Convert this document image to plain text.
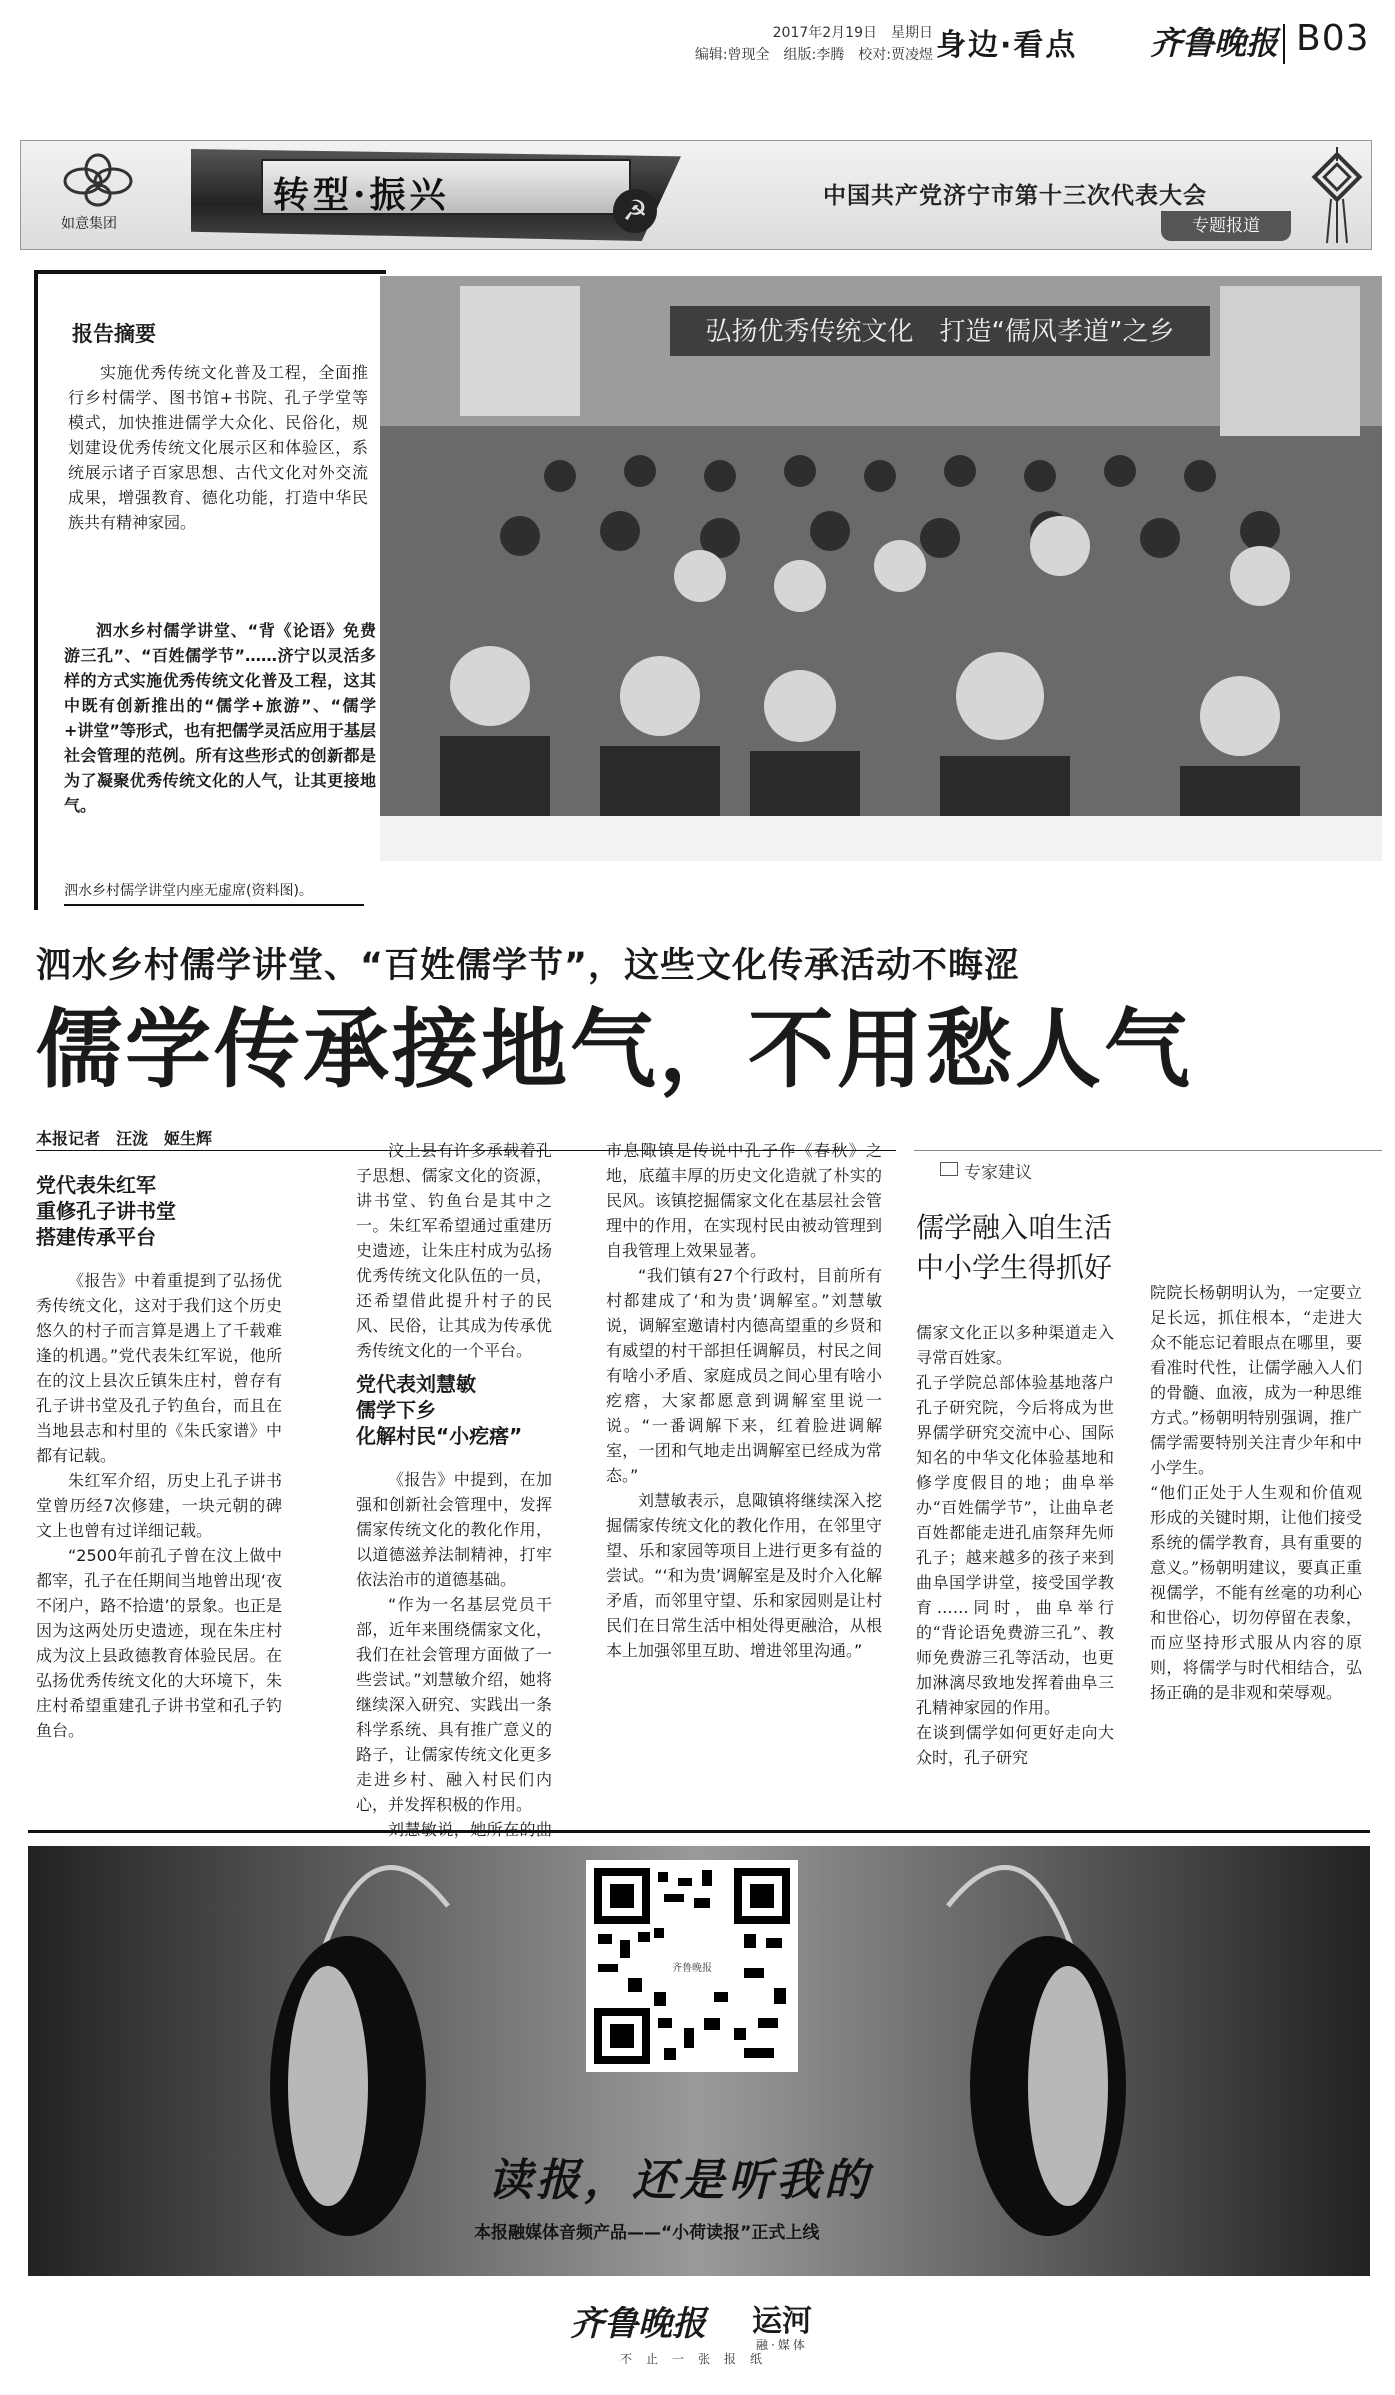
2017年2月19日　星期日
编辑:曾现全　组版:李腾　校对:贾凌煜 身边·看点 齐鲁晚报 B03
如意集团
转型·振兴	☭	中国共产党济宁市第十三次代表大会
专题报道
报告摘要
实施优秀传统文化普及工程，全面推行乡村儒学、图书馆+书院、孔子学堂等模式，加快推进儒学大众化、民俗化，规划建设优秀传统文化展示区和体验区，系统展示诸子百家思想、古代文化对外交流成果，增强教育、德化功能，打造中华民族共有精神家园。
泗水乡村儒学讲堂、“背《论语》免费游三孔”、“百姓儒学节”……济宁以灵活多样的方式实施优秀传统文化普及工程，这其中既有创新推出的“儒学+旅游”、“儒学+讲堂”等形式，也有把儒学灵活应用于基层社会管理的范例。所有这些形式的创新都是为了凝聚优秀传统文化的人气，让其更接地气。
弘扬优秀传统文化　打造“儒风孝道”之乡
泗水乡村儒学讲堂内座无虚席(资料图)。
泗水乡村儒学讲堂、“百姓儒学节”，这些文化传承活动不晦涩
儒学传承接地气，不用愁人气
本报记者　汪泷　姬生辉
党代表朱红军
重修孔子讲书堂
搭建传承平台

《报告》中着重提到了弘扬优秀传统文化，这对于我们这个历史悠久的村子而言算是遇上了千载难逢的机遇。”党代表朱红军说，他所在的汶上县次丘镇朱庄村，曾存有孔子讲书堂及孔子钓鱼台，而且在当地县志和村里的《朱氏家谱》中都有记载。

朱红军介绍，历史上孔子讲书堂曾历经7次修建，一块元朝的碑文上也曾有过详细记载。

“2500年前孔子曾在汶上做中都宰，孔子在任期间当地曾出现‘夜不闭户，路不拾遗’的景象。也正是因为这两处历史遗迹，现在朱庄村成为汶上县政德教育体验民居。在弘扬优秀传统文化的大环境下，朱庄村希望重建孔子讲书堂和孔子钓鱼台。

汶上县有许多承载着孔子思想、儒家文化的资源，讲书堂、钓鱼台是其中之一。朱红军希望通过重建历史遗迹，让朱庄村成为弘扬优秀传统文化队伍的一员，还希望借此提升村子的民风、民俗，让其成为传承优秀传统文化的一个平台。

党代表刘慧敏
儒学下乡
化解村民“小疙瘩”

《报告》中提到，在加强和创新社会管理中，发挥儒家传统文化的教化作用，以道德滋养法制精神，打牢依法治市的道德基础。

“作为一名基层党员干部，近年来围绕儒家文化，我们在社会管理方面做了一些尝试。”刘慧敏介绍，她将继续深入研究、实践出一条科学系统、具有推广意义的路子，让儒家传统文化更多走进乡村、融入村民们内心，并发挥积极的作用。

市息陬镇是传说中孔子作《春秋》之地，底蕴丰厚的历史文化造就了朴实的民风。该镇挖掘儒家文化在基层社会管理中的作用，在实现村民由被动管理到自我管理上效果显著。

“我们镇有27个行政村，目前所有村都建成了‘和为贵’调解室。”刘慧敏说，调解室邀请村内德高望重的乡贤和有威望的村干部担任调解员，村民之间有啥小矛盾、家庭成员之间心里有啥小疙瘩，大家都愿意到调解室里说一说。“一番调解下来，红着脸进调解室，一团和气地走出调解室已经成为常态。”

刘慧敏表示，息陬镇将继续深入挖掘儒家传统文化的教化作用，在邻里守望、乐和家园等项目上进行更多有益的尝试。“‘和为贵’调解室是及时介入化解矛盾，而邻里守望、乐和家园则是让村民们在日常生活中相处得更融洽，从根本上加强邻里互助、增进邻里沟通。”

专家建议
儒学融入咱生活
中小学生得抓好
儒家文化正以多种渠道走入寻常百姓家。
孔子学院总部体验基地落户孔子研究院，今后将成为世界儒学研究交流中心、国际知名的中华文化体验基地和修学度假目的地；曲阜举办“百姓儒学节”，让曲阜老百姓都能走进孔庙祭拜先师孔子；越来越多的孩子来到曲阜国学讲堂，接受国学教育……同时，曲阜举行的“背论语免费游三孔”、教师免费游三孔等活动，也更加淋漓尽致地发挥着曲阜三孔精神家园的作用。
在谈到儒学如何更好走向大众时，孔子研究
院院长杨朝明认为，一定要立足长远，抓住根本，“走进大众不能忘记着眼点在哪里，要看准时代性，让儒学融入人们的骨髓、血液，成为一种思维方式。”杨朝明特别强调，推广儒学需要特别关注青少年和中小学生。
“他们正处于人生观和价值观形成的关键时期，让他们接受系统的儒学教育，具有重要的意义。”杨朝明建议，要真正重视儒学，不能有丝毫的功利心和世俗心，切勿停留在表象，而应坚持形式服从内容的原则，将儒学与时代相结合，弘扬正确的是非观和荣辱观。
齐鲁晚报
读报，还是听我的
本报融媒体音频产品——“小荷读报”正式上线
齐鲁晚报 运河
融·媒体
不止一张报纸
